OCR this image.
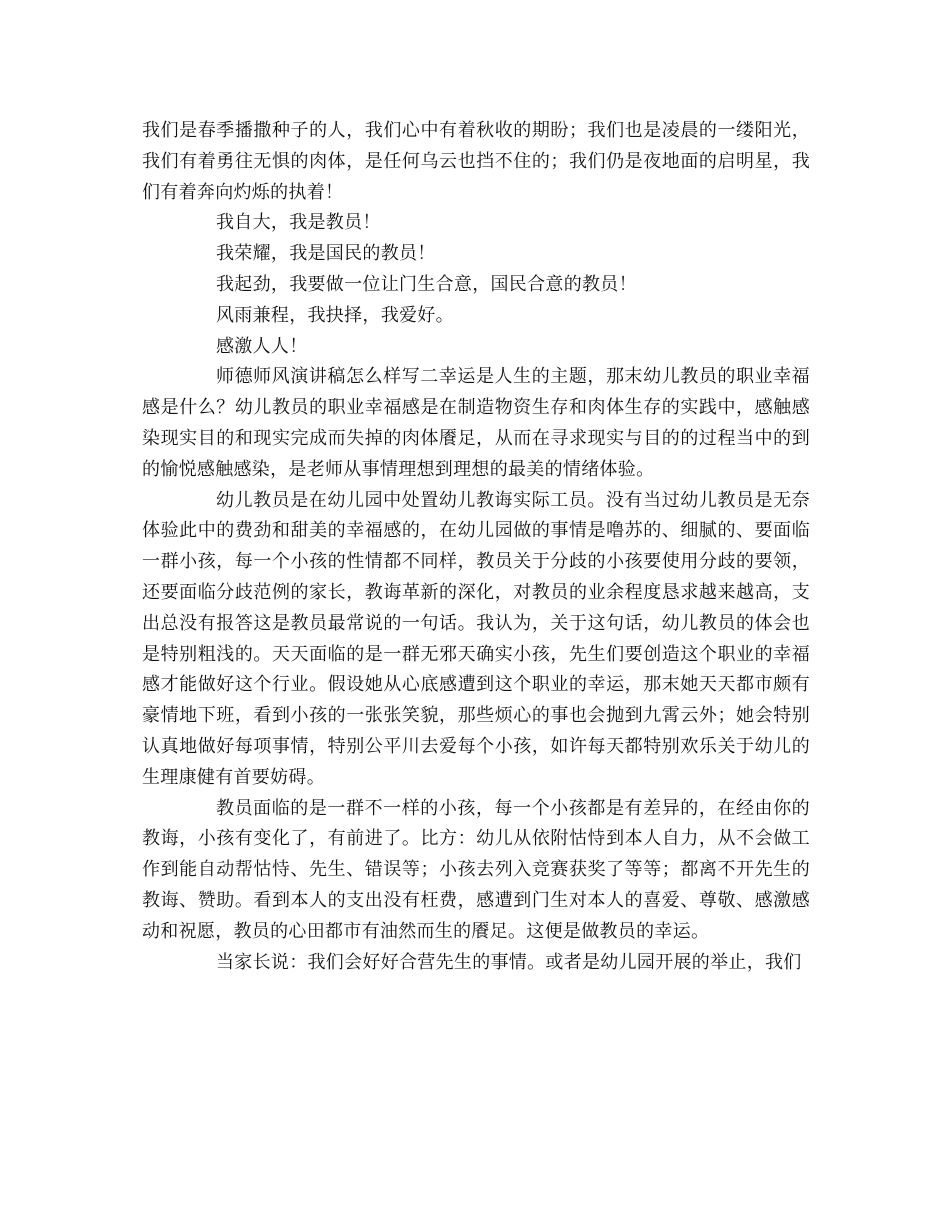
我们是春季播撒种子的人，我们心中有着秋收的期盼；我们也是凌晨的一缕阳光，我们有着勇往无惧的肉体，是任何乌云也挡不住的；我们仍是夜地面的启明星，我们有着奔向灼烁的执着！

我自大，我是教员！

我荣耀，我是国民的教员！

我起劲，我要做一位让门生合意，国民合意的教员！

风雨兼程，我抉择，我爱好。

感激人人！

师德师风演讲稿怎么样写二幸运是人生的主题，那末幼儿教员的职业幸福感是什么？幼儿教员的职业幸福感是在制造物资生存和肉体生存的实践中，感触感染现实目的和现实完成而失掉的肉体餍足，从而在寻求现实与目的的过程当中的到的愉悦感触感染，是老师从事情理想到理想的最美的情绪体验。

幼儿教员是在幼儿园中处置幼儿教诲实际工员。没有当过幼儿教员是无奈体验此中的费劲和甜美的幸福感的，在幼儿园做的事情是噜苏的、细腻的、要面临一群小孩，每一个小孩的性情都不同样，教员关于分歧的小孩要使用分歧的要领，还要面临分歧范例的家长，教诲革新的深化，对教员的业余程度恳求越来越高，支出总没有报答这是教员最常说的一句话。我认为，关于这句话，幼儿教员的体会也是特别粗浅的。天天面临的是一群无邪天确实小孩，先生们要创造这个职业的幸福感才能做好这个行业。假设她从心底感遭到这个职业的幸运，那末她天天都市颇有豪情地下班，看到小孩的一张张笑貌，那些烦心的事也会抛到九霄云外；她会特别认真地做好每项事情，特别公平川去爱每个小孩，如许每天都特别欢乐关于幼儿的生理康健有首要妨碍。

教员面临的是一群不一样的小孩，每一个小孩都是有差异的，在经由你的教诲，小孩有变化了，有前进了。比方：幼儿从依附怙恃到本人自力，从不会做工作到能自动帮怙恃、先生、错误等；小孩去列入竞赛获奖了等等；都离不开先生的教诲、赞助。看到本人的支出没有枉费，感遭到门生对本人的喜爱、尊敬、感激感动和祝愿，教员的心田都市有油然而生的餍足。这便是做教员的幸运。

当家长说：我们会好好合营先生的事情。或者是幼儿园开展的举止，我们
